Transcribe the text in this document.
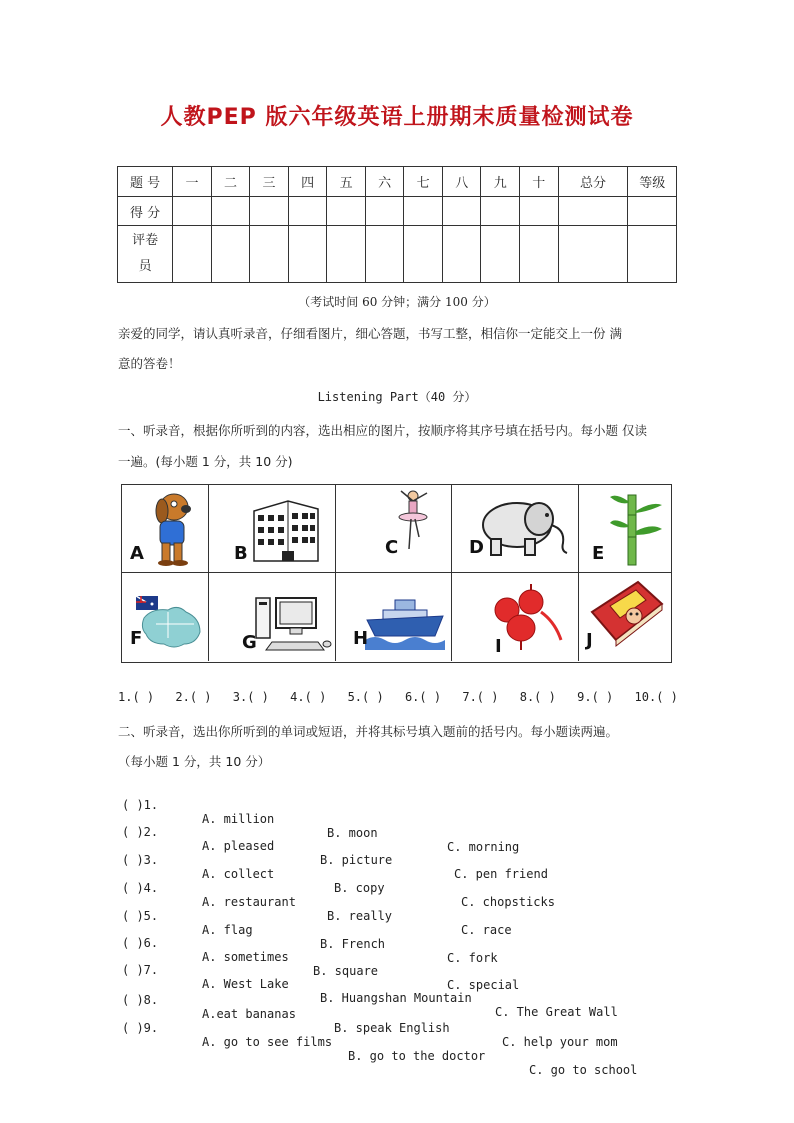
人教PEP 版六年级英语上册期末质量检测试卷
题 号	一	二	三	四	五	六	七	八	九	十	总分	等级
得 分												

评卷
员												

（考试时间 60 分钟；满分 100 分）
亲爱的同学，请认真听录音，仔细看图片，细心答题，书写工整，相信你一定能交上一份 满
意的答卷！
Listening Part（40 分）
一、听录音，根据你所听到的内容，选出相应的图片，按顺序将其序号填在括号内。每小题 仅读
一遍。(每小题 1 分，共 10 分)
A	B	C	D	E
F	G	H	I	J
1.( ) 2.( ) 3.( ) 4.( ) 5.( ) 6.( ) 7.( ) 8.( ) 9.( ) 10.( )
二、听录音，选出你所听到的单词或短语，并将其标号填入题前的括号内。每小题读两遍。
（每小题 1 分，共 10 分）

( )1.

A. million

B. moon

C. morning

( )2.

A. pleased

B. picture

C. pen friend

( )3.

A. collect

B. copy

C. chopsticks

( )4.

A. restaurant

B. really

C. race

( )5.

A. flag

B. French

C. fork

( )6.

A. sometimes

B. square

C. special

( )7.

A. West Lake

B. Huangshan Mountain

C. The Great Wall

( )8.

A.eat bananas

B. speak English

C. help your mom

( )9.

A. go to see films

B. go to the doctor

C. go to school
